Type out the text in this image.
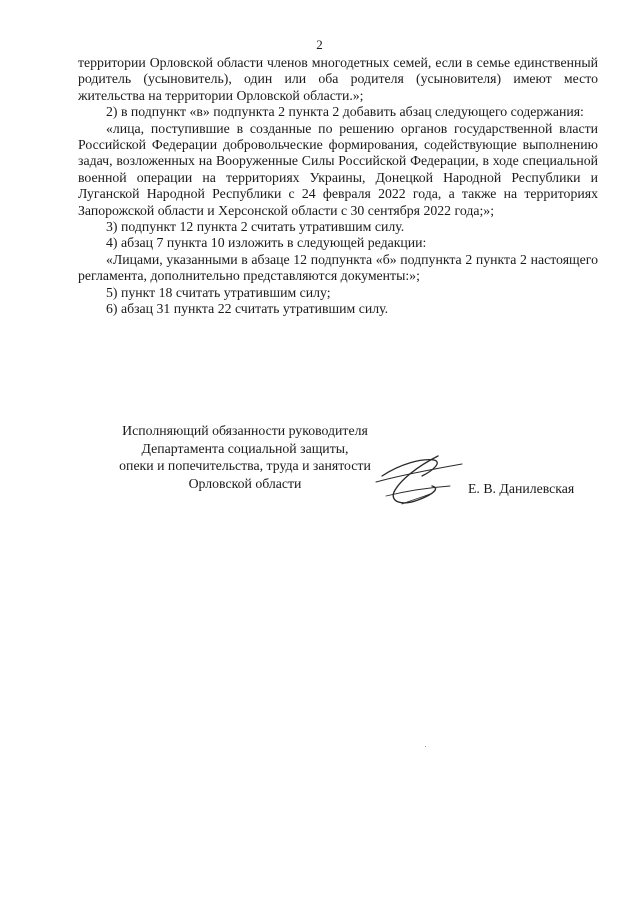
2

территории Орловской области членов многодетных семей, если в семье единственный родитель (усыновитель), один или оба родителя (усыновителя) имеют место жительства на территории Орловской области.»;

2) в подпункт «в» подпункта 2 пункта 2 добавить абзац следующего содержания:

«лица, поступившие в созданные по решению органов государственной власти Российской Федерации добровольческие формирования, содействующие выполнению задач, возложенных на Вооруженные Силы Российской Федерации, в ходе специальной военной операции на территориях Украины, Донецкой Народной Республики и Луганской Народной Республики с 24 февраля 2022 года, а также на территориях Запорожской области и Херсонской области с 30 сентября 2022 года;»;

3) подпункт 12 пункта 2 считать утратившим силу.

4) абзац 7 пункта 10 изложить в следующей редакции:

«Лицами, указанными в абзаце 12 подпункта «б» подпункта 2 пункта 2 настоящего регламента, дополнительно представляются документы:»;

5) пункт 18 считать утратившим силу;

6) абзац 31 пункта 22 считать утратившим силу.

Исполняющий обязанности руководителя
Департамента социальной защиты,
опеки и попечительства, труда и занятости
Орловской области	Е. В. Данилевская
